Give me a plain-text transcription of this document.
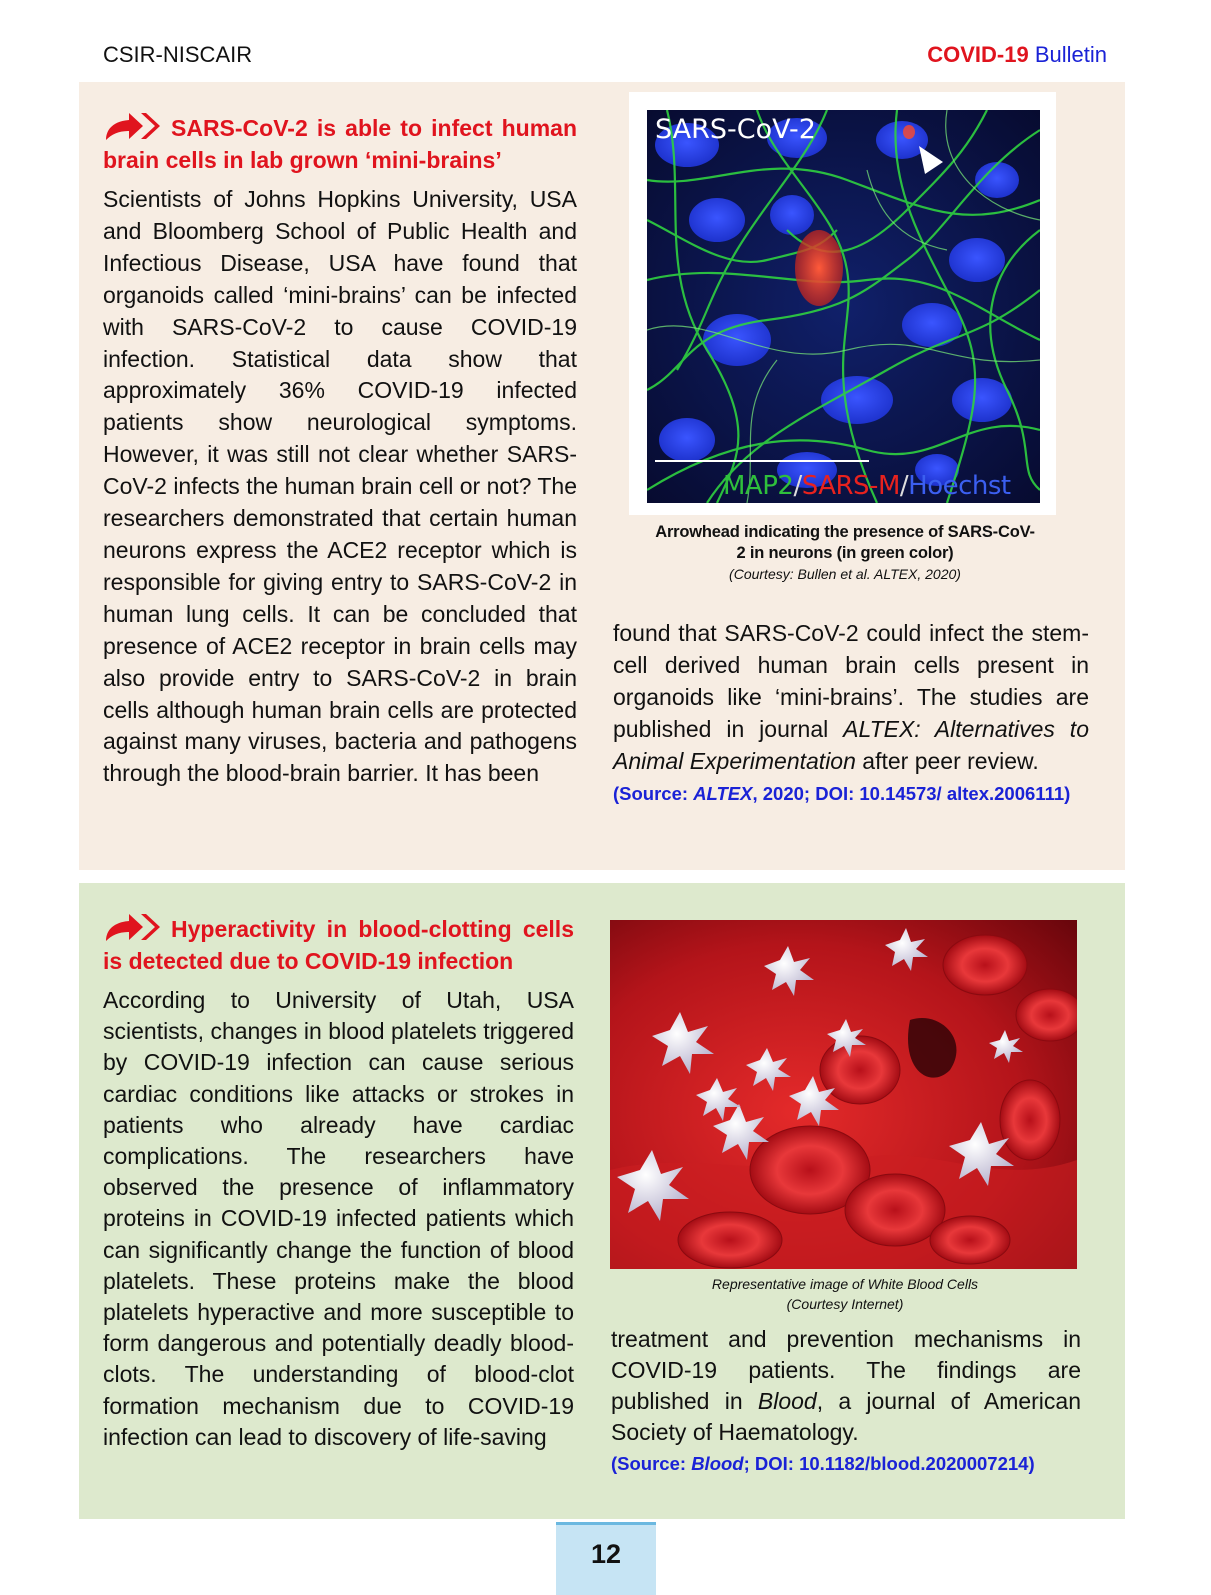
CSIR-NISCAIR	COVID-19 Bulletin
SARS-CoV-2 is able to infect human brain cells in lab grown ‘mini-brains’
Scientists of Johns Hopkins University, USA and Bloomberg School of Public Health and Infectious Disease, USA have found that organoids called ‘mini-brains’ can be infected with SARS-CoV-2 to cause COVID-19 infection. Statistical data show that approximately 36% COVID-19 infected patients show neurological symptoms. However, it was still not clear whether SARS-CoV-2 infects the human brain cell or not? The researchers demonstrated that certain human neurons express the ACE2 receptor which is responsible for giving entry to SARS-CoV-2 in human lung cells. It can be concluded that presence of ACE2 receptor in brain cells may also provide entry to SARS-CoV-2 in brain cells although human brain cells are protected against many viruses, bacteria and pathogens through the blood-brain barrier. It has been
SARS-CoV-2
MAP2/SARS-M/Hoechst
Arrowhead indicating the presence of SARS-CoV-2 in neurons (in green color)
(Courtesy: Bullen et al. ALTEX, 2020)
found that SARS-CoV-2 could infect the stem-cell derived human brain cells present in organoids like ‘mini-brains’. The studies are published in journal ALTEX: Alternatives to Animal Experimentation after peer review.
(Source: ALTEX, 2020; DOI: 10.14573/ altex.2006111)
Hyperactivity in blood-clotting cells is detected due to COVID-19 infection
According to University of Utah, USA scientists, changes in blood platelets triggered by COVID-19 infection can cause serious cardiac conditions like attacks or strokes in patients who already have cardiac complications. The researchers have observed the presence of inflammatory proteins in COVID-19 infected patients which can significantly change the function of blood platelets. These proteins make the blood platelets hyperactive and more susceptible to form dangerous and potentially deadly blood-clots. The understanding of blood-clot formation mechanism due to COVID-19 infection can lead to discovery of life-saving
Representative image of White Blood Cells
(Courtesy Internet)
treatment and prevention mechanisms in COVID-19 patients. The findings are published in Blood, a journal of American Society of Haematology.
(Source: Blood; DOI: 10.1182/blood.2020007214)
12
